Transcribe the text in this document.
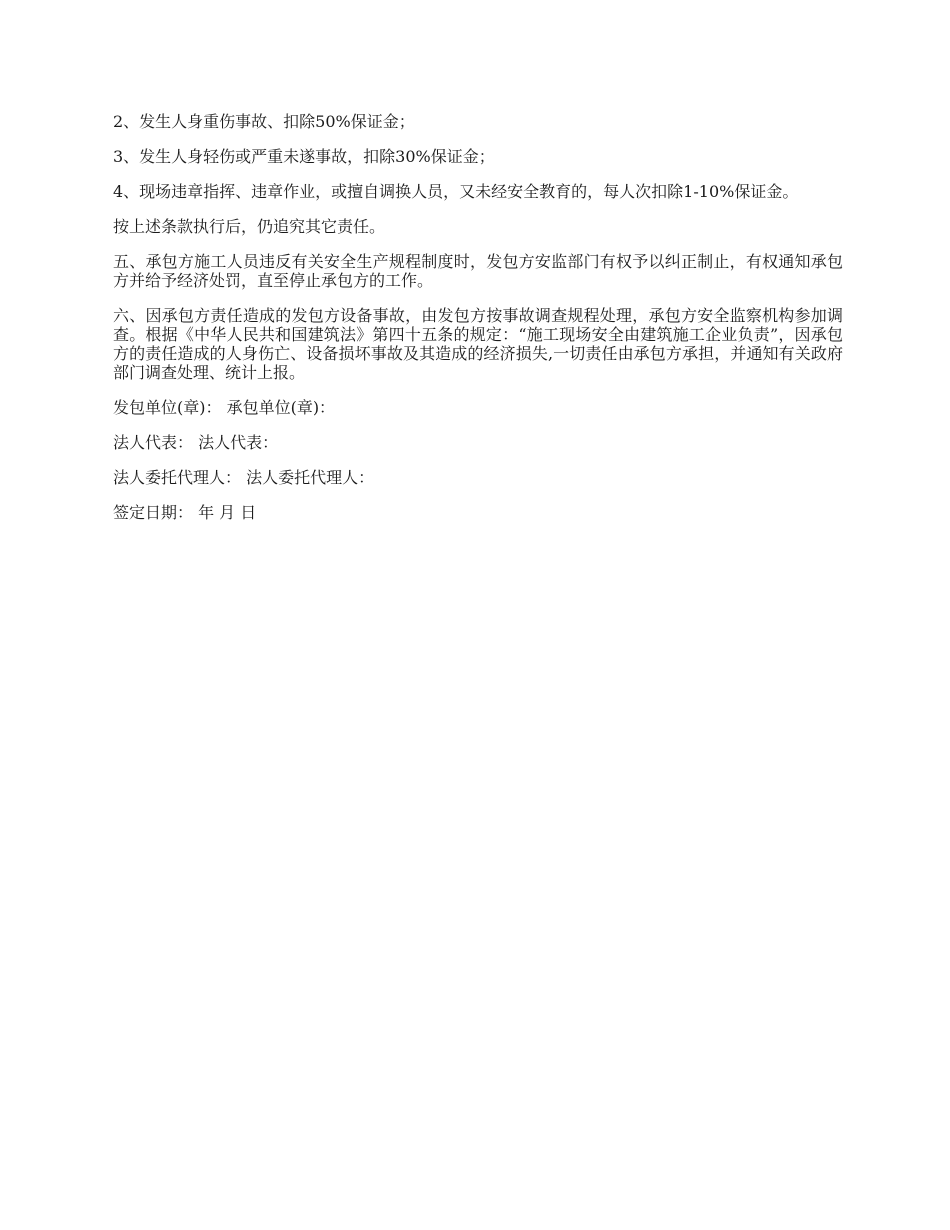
2、发生人身重伤事故、扣除50%保证金；

3、发生人身轻伤或严重未遂事故，扣除30%保证金；

4、现场违章指挥、违章作业，或擅自调换人员，又未经安全教育的，每人次扣除1-10%保证金。

按上述条款执行后，仍追究其它责任。

五、承包方施工人员违反有关安全生产规程制度时，发包方安监部门有权予以纠正制止，有权通知承包方并给予经济处罚，直至停止承包方的工作。

六、因承包方责任造成的发包方设备事故，由发包方按事故调查规程处理，承包方安全监察机构参加调查。根据《中华人民共和国建筑法》第四十五条的规定：“施工现场安全由建筑施工企业负责”，因承包方的责任造成的人身伤亡、设备损坏事故及其造成的经济损失,一切责任由承包方承担，并通知有关政府部门调查处理、统计上报。

发包单位(章)： 承包单位(章)：

法人代表： 法人代表：

法人委托代理人： 法人委托代理人：

签定日期： 年 月 日
